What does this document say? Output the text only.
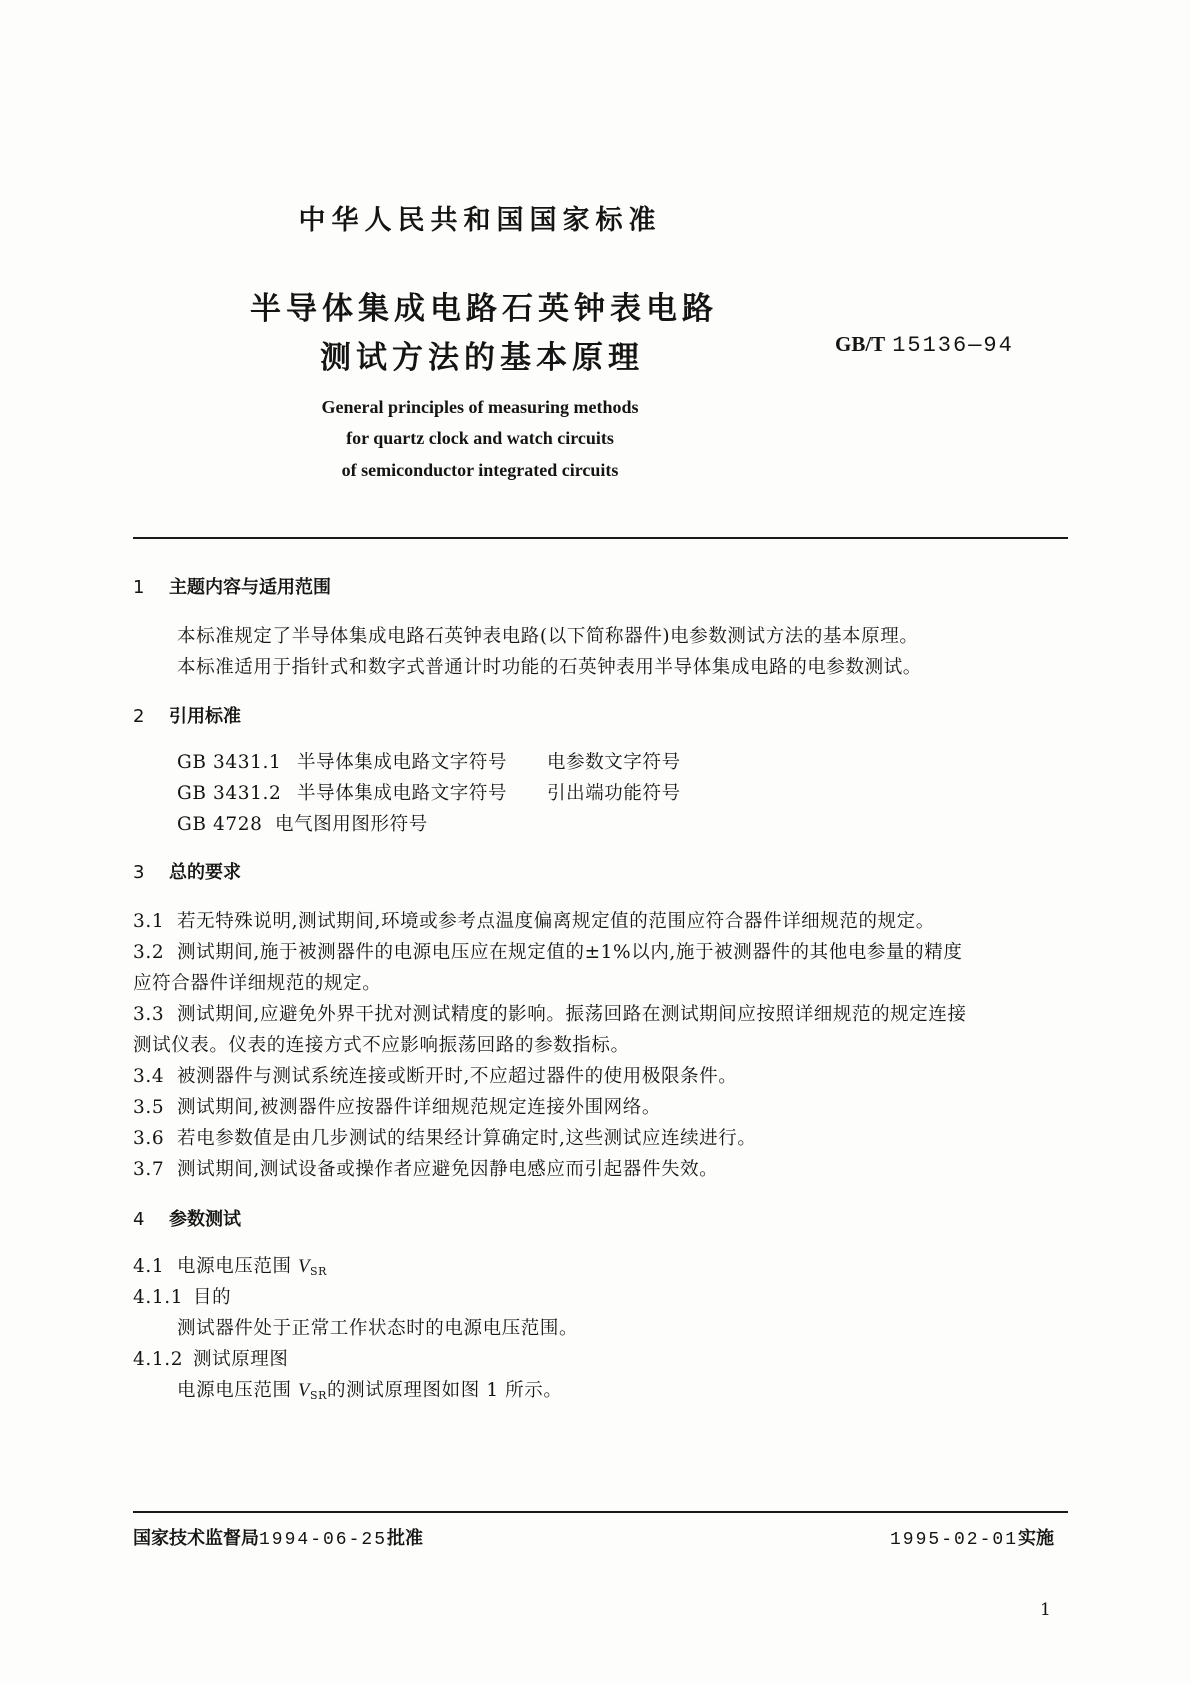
中华人民共和国国家标准
半导体集成电路石英钟表电路
测试方法的基本原理	GB/T 15136—94
General principles of measuring methods
for quartz clock and watch circuits
of semiconductor integrated circuits
1 主题内容与适用范围
本标准规定了半导体集成电路石英钟表电路(以下简称器件)电参数测试方法的基本原理。
本标准适用于指针式和数字式普通计时功能的石英钟表用半导体集成电路的电参数测试。
2 引用标准
GB 3431.1 半导体集成电路文字符号 电参数文字符号
GB 3431.2 半导体集成电路文字符号 引出端功能符号
GB 4728 电气图用图形符号
3 总的要求
3.1 若无特殊说明,测试期间,环境或参考点温度偏离规定值的范围应符合器件详细规范的规定。
3.2 测试期间,施于被测器件的电源电压应在规定值的±1%以内,施于被测器件的其他电参量的精度
应符合器件详细规范的规定。
3.3 测试期间,应避免外界干扰对测试精度的影响。振荡回路在测试期间应按照详细规范的规定连接
测试仪表。仪表的连接方式不应影响振荡回路的参数指标。
3.4 被测器件与测试系统连接或断开时,不应超过器件的使用极限条件。
3.5 测试期间,被测器件应按器件详细规范规定连接外围网络。
3.6 若电参数值是由几步测试的结果经计算确定时,这些测试应连续进行。
3.7 测试期间,测试设备或操作者应避免因静电感应而引起器件失效。
4 参数测试
4.1 电源电压范围 $V_{SR}$
4.1.1 目的
测试器件处于正常工作状态时的电源电压范围。
4.1.2 测试原理图
电源电压范围 $V_{SR}$的测试原理图如图 1 所示。
国家技术监督局1994-06-25批准	1995-02-01实施
1
